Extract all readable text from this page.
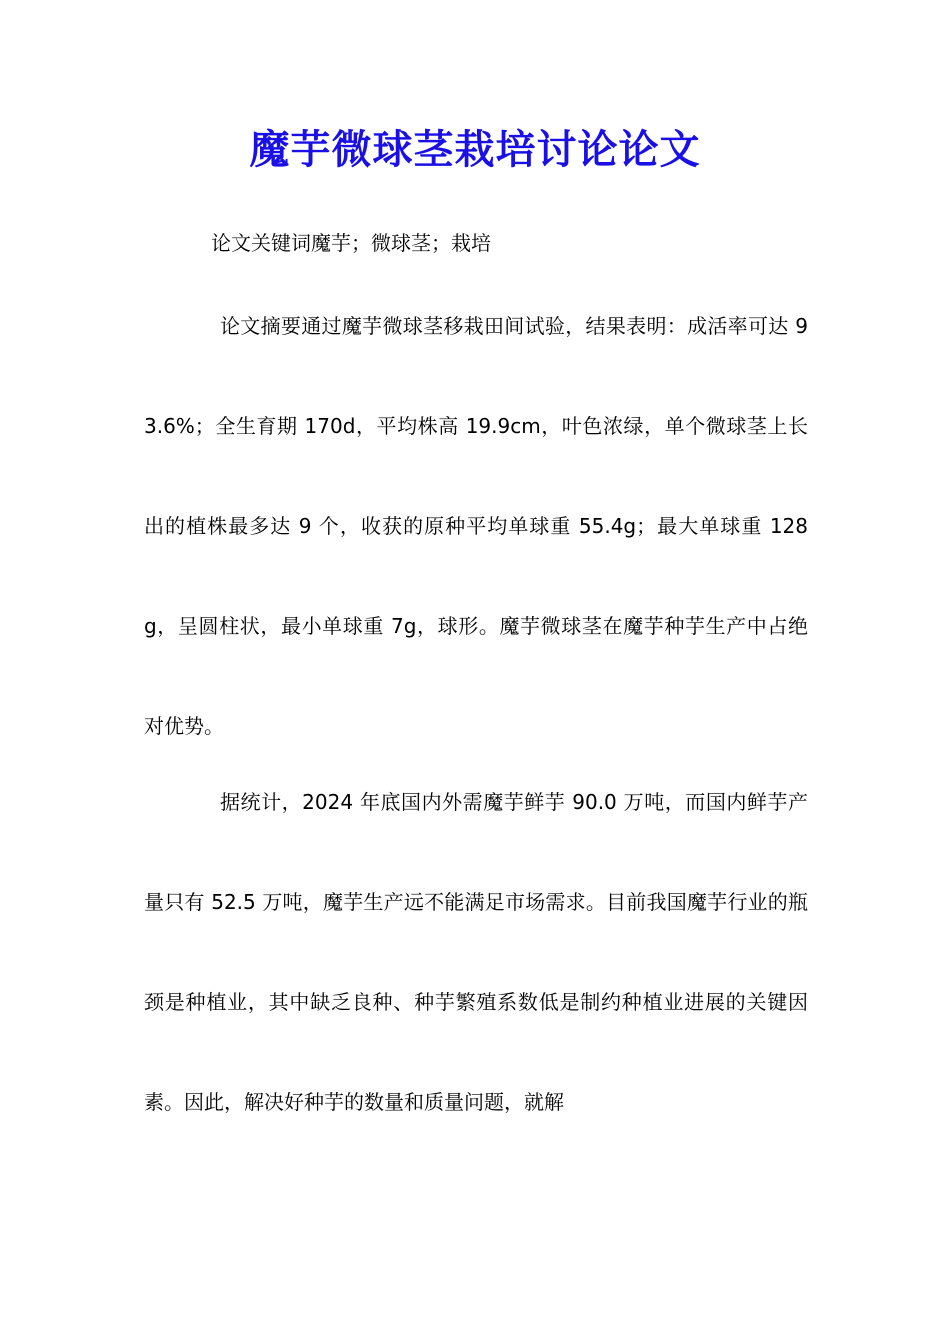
魔芋微球茎栽培讨论论文

论文关键词魔芋；微球茎；栽培

论文摘要通过魔芋微球茎移栽田间试验，结果表明：成活率可达 93.6%；全生育期 170d，平均株高 19.9cm，叶色浓绿，单个微球茎上长出的植株最多达 9 个，收获的原种平均单球重 55.4g；最大单球重 128g，呈圆柱状，最小单球重 7g，球形。魔芋微球茎在魔芋种芋生产中占绝对优势。

据统计，2024 年底国内外需魔芋鲜芋 90.0 万吨，而国内鲜芋产量只有 52.5 万吨，魔芋生产远不能满足市场需求。目前我国魔芋行业的瓶颈是种植业，其中缺乏良种、种芋繁殖系数低是制约种植业进展的关键因素。因此，解决好种芋的数量和质量问题，就解
